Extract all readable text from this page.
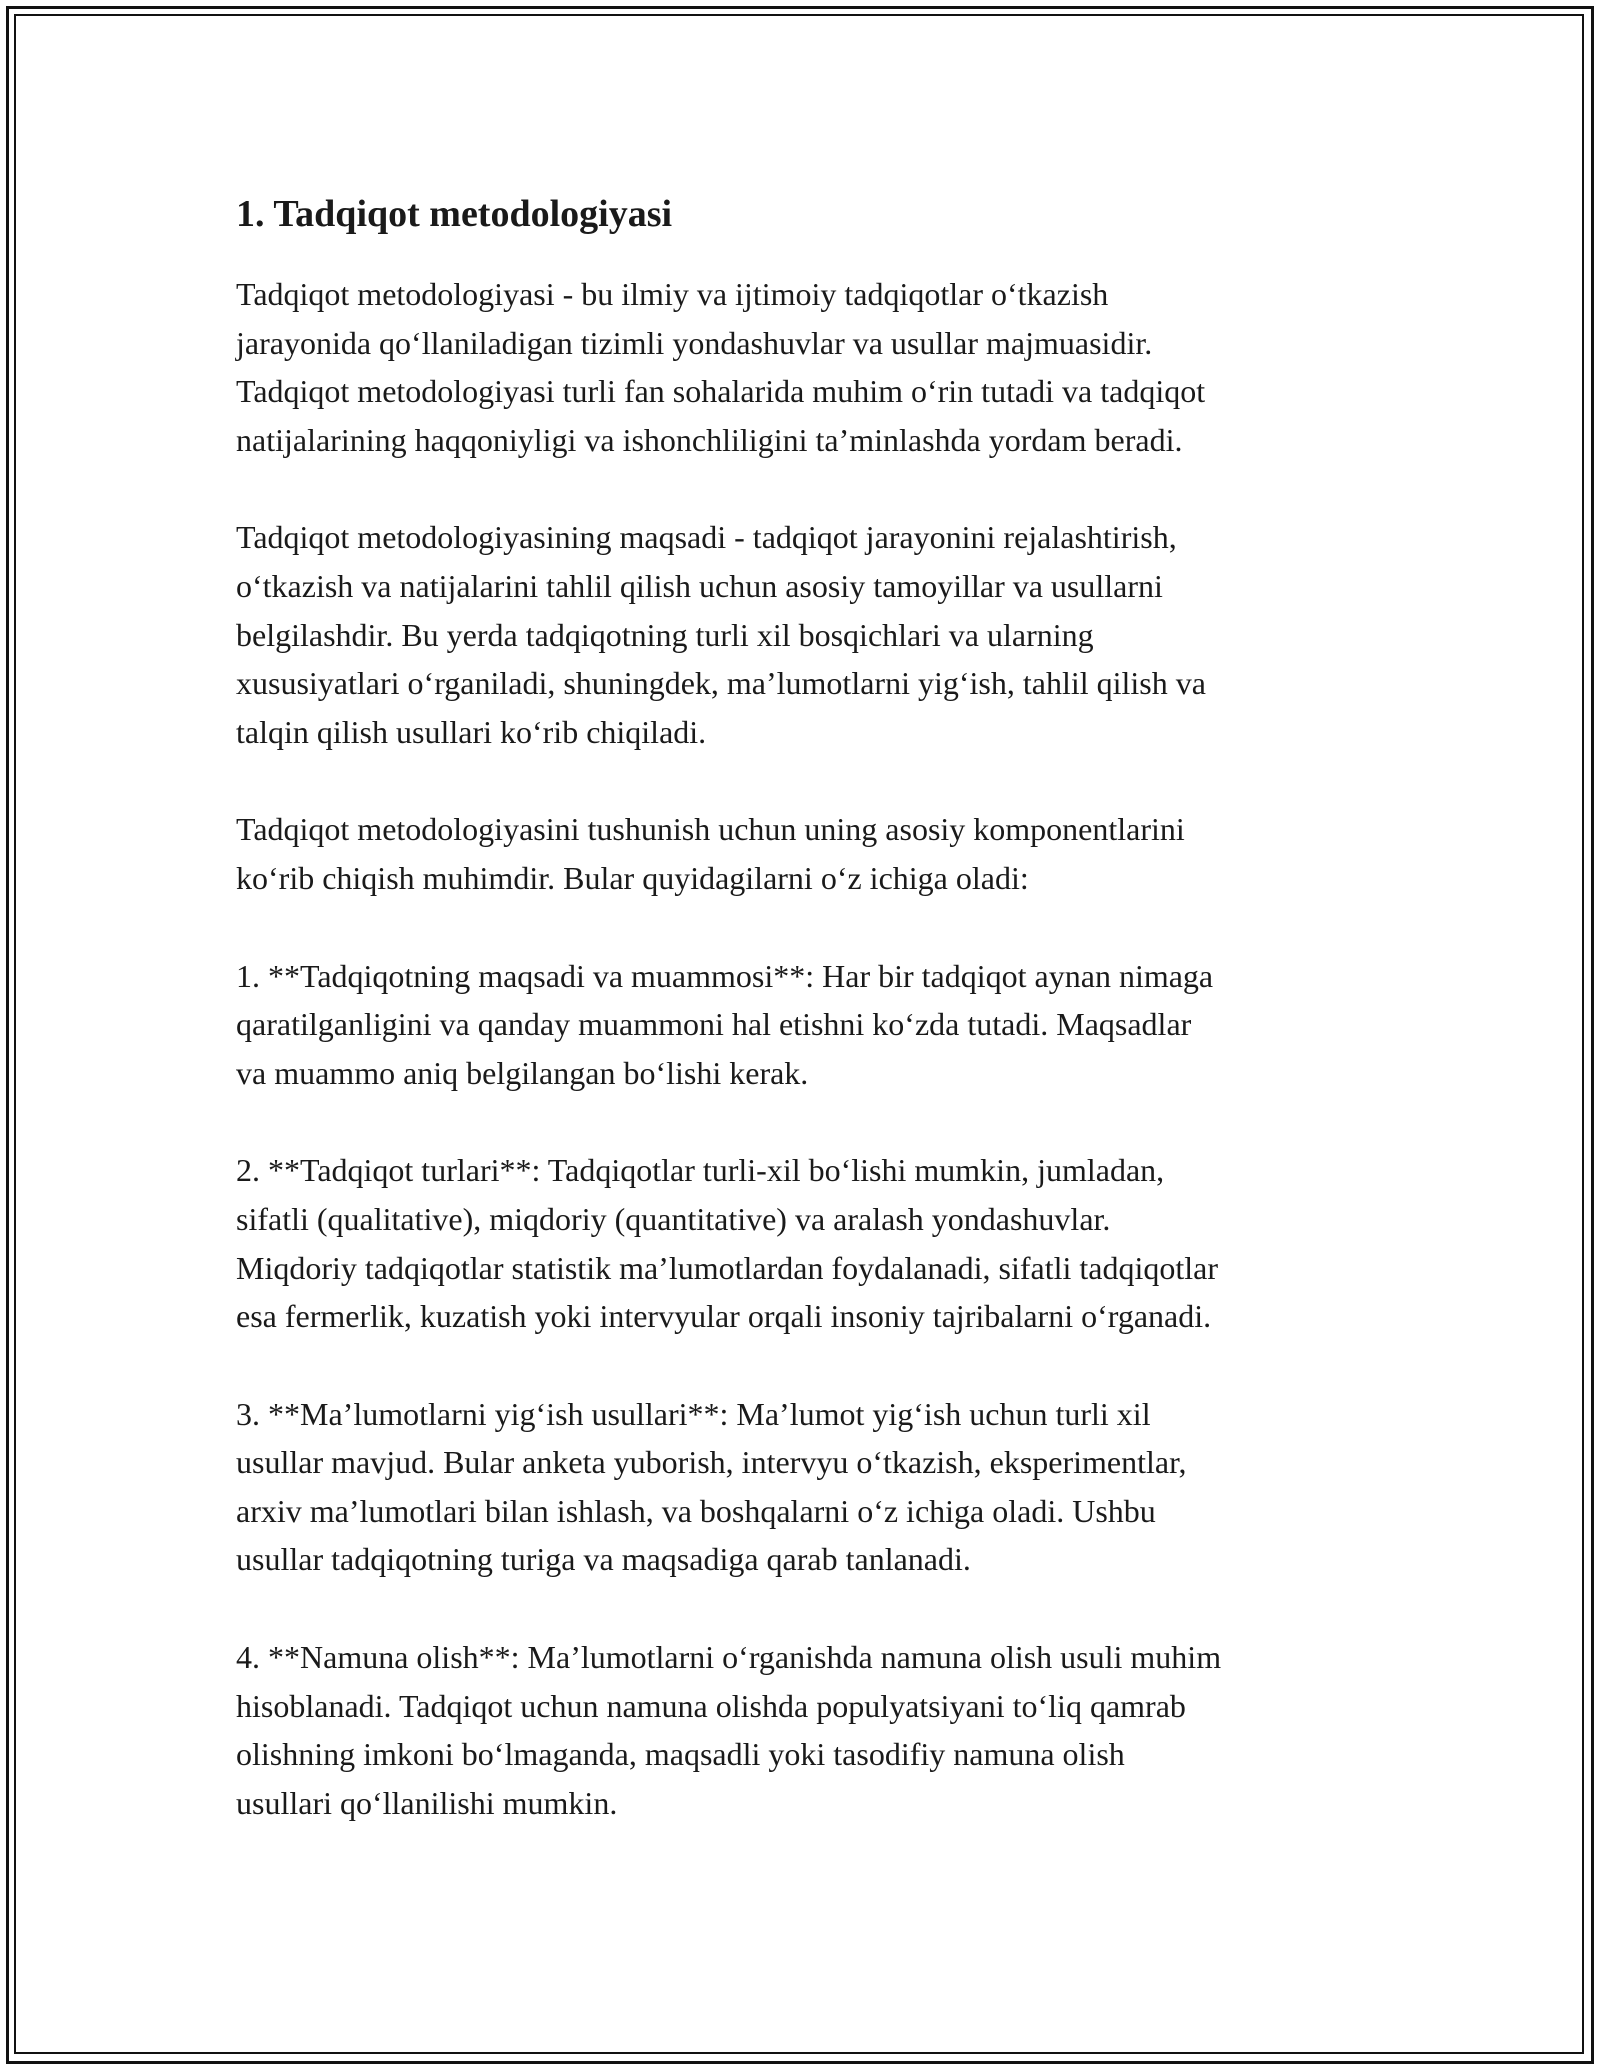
1. Tadqiqot metodologiyasi

Tadqiqot metodologiyasi - bu ilmiy va ijtimoiy tadqiqotlar o‘tkazish
jarayonida qo‘llaniladigan tizimli yondashuvlar va usullar majmuasidir.
Tadqiqot metodologiyasi turli fan sohalarida muhim o‘rin tutadi va tadqiqot
natijalarining haqqoniyligi va ishonchliligini ta’minlashda yordam beradi.

Tadqiqot metodologiyasining maqsadi - tadqiqot jarayonini rejalashtirish,
o‘tkazish va natijalarini tahlil qilish uchun asosiy tamoyillar va usullarni
belgilashdir. Bu yerda tadqiqotning turli xil bosqichlari va ularning
xususiyatlari o‘rganiladi, shuningdek, ma’lumotlarni yig‘ish, tahlil qilish va
talqin qilish usullari ko‘rib chiqiladi.

Tadqiqot metodologiyasini tushunish uchun uning asosiy komponentlarini
ko‘rib chiqish muhimdir. Bular quyidagilarni o‘z ichiga oladi:

1. **Tadqiqotning maqsadi va muammosi**: Har bir tadqiqot aynan nimaga
qaratilganligini va qanday muammoni hal etishni ko‘zda tutadi. Maqsadlar
va muammo aniq belgilangan bo‘lishi kerak.

2. **Tadqiqot turlari**: Tadqiqotlar turli-xil bo‘lishi mumkin, jumladan,
sifatli (qualitative), miqdoriy (quantitative) va aralash yondashuvlar.
Miqdoriy tadqiqotlar statistik ma’lumotlardan foydalanadi, sifatli tadqiqotlar
esa fermerlik, kuzatish yoki intervyular orqali insoniy tajribalarni o‘rganadi.

3. **Ma’lumotlarni yig‘ish usullari**: Ma’lumot yig‘ish uchun turli xil
usullar mavjud. Bular anketa yuborish, intervyu o‘tkazish, eksperimentlar,
arxiv ma’lumotlari bilan ishlash, va boshqalarni o‘z ichiga oladi. Ushbu
usullar tadqiqotning turiga va maqsadiga qarab tanlanadi.

4. **Namuna olish**: Ma’lumotlarni o‘rganishda namuna olish usuli muhim
hisoblanadi. Tadqiqot uchun namuna olishda populyatsiyani to‘liq qamrab
olishning imkoni bo‘lmaganda, maqsadli yoki tasodifiy namuna olish
usullari qo‘llanilishi mumkin.
